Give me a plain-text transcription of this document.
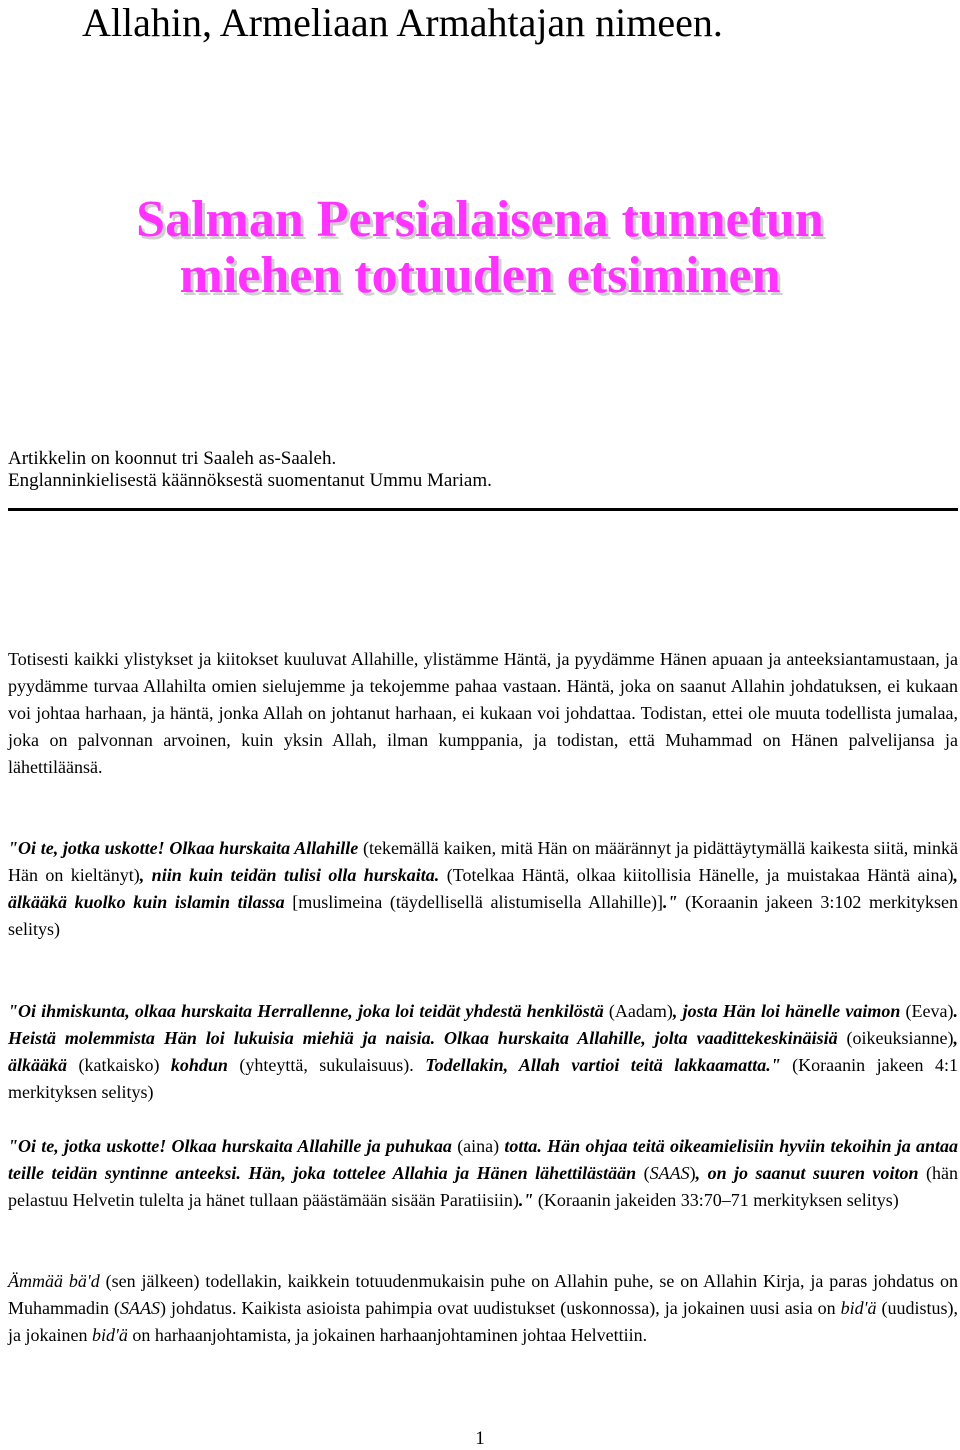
Allahin, Armeliaan Armahtajan nimeen.
Salman Persialaisena tunnetun
miehen totuuden etsiminen
Artikkelin on koonnut tri Saaleh as-Saaleh.
Englanninkielisestä käännöksestä suomentanut Ummu Mariam.

Totisesti kaikki ylistykset ja kiitokset kuuluvat Allahille, ylistämme Häntä, ja pyydämme Hänen apuaan ja anteeksiantamustaan, ja pyydämme turvaa Allahilta omien sielujemme ja tekojemme pahaa vastaan. Häntä, joka on saanut Allahin johdatuksen, ei kukaan voi johtaa harhaan, ja häntä, jonka Allah on johtanut harhaan, ei kukaan voi johdattaa. Todistan, ettei ole muuta todellista jumalaa, joka on palvonnan arvoinen, kuin yksin Allah, ilman kumppania, ja todistan, että Muhammad on Hänen palvelijansa ja lähettiläänsä.

"Oi te, jotka uskotte! Olkaa hurskaita Allahille (tekemällä kaiken, mitä Hän on määrännyt ja pidättäytymällä kaikesta siitä, minkä Hän on kieltänyt), niin kuin teidän tulisi olla hurskaita. (Totelkaa Häntä, olkaa kiitollisia Hänelle, ja muistakaa Häntä aina), älkääkä kuolko kuin islamin tilassa [muslimeina (täydellisellä alistumisella Allahille)]." (Koraanin jakeen 3:102 merkityksen selitys)

"Oi ihmiskunta, olkaa hurskaita Herrallenne, joka loi teidät yhdestä henkilöstä (Aadam), josta Hän loi hänelle vaimon (Eeva). Heistä molemmista Hän loi lukuisia miehiä ja naisia. Olkaa hurskaita Allahille, jolta vaadittekeskinäisiä (oikeuksianne), älkääkä (katkaisko) kohdun (yhteyttä, sukulaisuus). Todellakin, Allah vartioi teitä lakkaamatta." (Koraanin jakeen 4:1 merkityksen selitys)

"Oi te, jotka uskotte! Olkaa hurskaita Allahille ja puhukaa (aina) totta. Hän ohjaa teitä oikeamielisiin hyviin tekoihin ja antaa teille teidän syntinne anteeksi. Hän, joka tottelee Allahia ja Hänen lähettilästään (SAAS), on jo saanut suuren voiton (hän pelastuu Helvetin tulelta ja hänet tullaan päästämään sisään Paratiisiin)." (Koraanin jakeiden 33:70–71 merkityksen selitys)

Ämmää bä'd (sen jälkeen) todellakin, kaikkein totuudenmukaisin puhe on Allahin puhe, se on Allahin Kirja, ja paras johdatus on Muhammadin (SAAS) johdatus. Kaikista asioista pahimpia ovat uudistukset (uskonnossa), ja jokainen uusi asia on bid'ä (uudistus), ja jokainen bid'ä on harhaanjohtamista, ja jokainen harhaanjohtaminen johtaa Helvettiin.

1
